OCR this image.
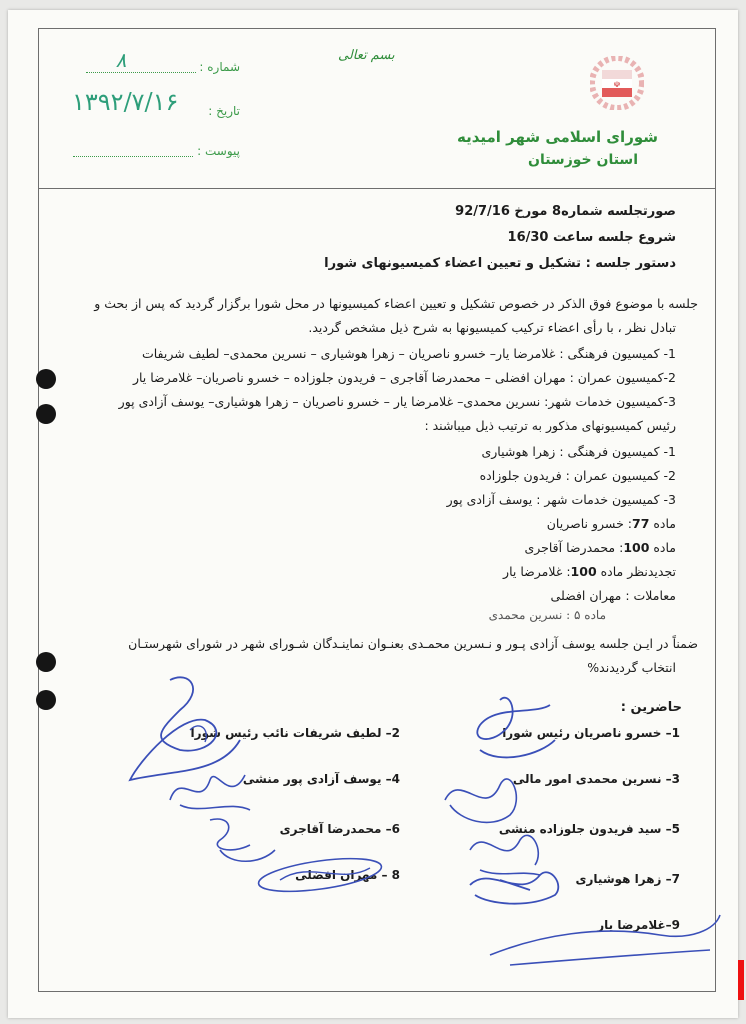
شماره :
۸
تاریخ :
۱۳۹۲/۷/۱۶
پیوست :
بسم تعالی
☫
شورای اسلامی شهر امیدیه
استان خوزستان
صورتجلسه شماره8 مورخ 92/7/16
شروع جلسه ساعت 16/30
دستور جلسه : تشکیل و تعیین اعضاء کمیسیونهای شورا
جلسه با موضوع فوق الذکر در خصوص تشکیل و تعیین اعضاء کمیسیونها در محل شورا برگزار گردید که پس از بحث و
تبادل نظر ، با رأی اعضاء ترکیب کمیسیونها به شرح ذیل مشخص گردید.
1- کمیسیون فرهنگی : غلامرضا یار– خسرو ناصریان – زهرا هوشیاری – نسرین محمدی– لطیف شریفات
2-کمیسیون عمران : مهران افضلی – محمدرضا آقاجری – فریدون جلوزاده – خسرو ناصریان– غلامرضا یار
3-کمیسیون خدمات شهر: نسرین محمدی– غلامرضا یار – خسرو ناصریان – زهرا هوشیاری– یوسف آزادی پور
رئیس کمیسیونهای مذکور به ترتیب ذیل میباشند :
1- کمیسیون فرهنگی : زهرا هوشیاری
2- کمیسیون عمران : فریدون جلوزاده
3- کمیسیون خدمات شهر : یوسف آزادی پور
ماده 77: خسرو ناصریان
ماده 100: محمدرضا آقاجری
تجدیدنظر ماده 100: غلامرضا یار
معاملات : مهران افضلی
ماده ۵ : نسرین محمدی
ضمناً در ایـن جلسه یوسف آزادی پـور و نـسرین محمـدی بعنـوان نماینـدگان شـورای شهر در شورای شهرستـان
انتخاب گردیدند%
حاضرین :
1– خسرو ناصریان رئیس شورا
2– لطیف شریفات نائب رئیس شورا
3– نسرین محمدی امور مالی
4– یوسف آزادی پور منشی
5– سید فریدون جلوزاده منشی
6– محمدرضا آقاجری
7– زهرا هوشیاری
8 – مهران افضلی
9–غلامرضا یار
